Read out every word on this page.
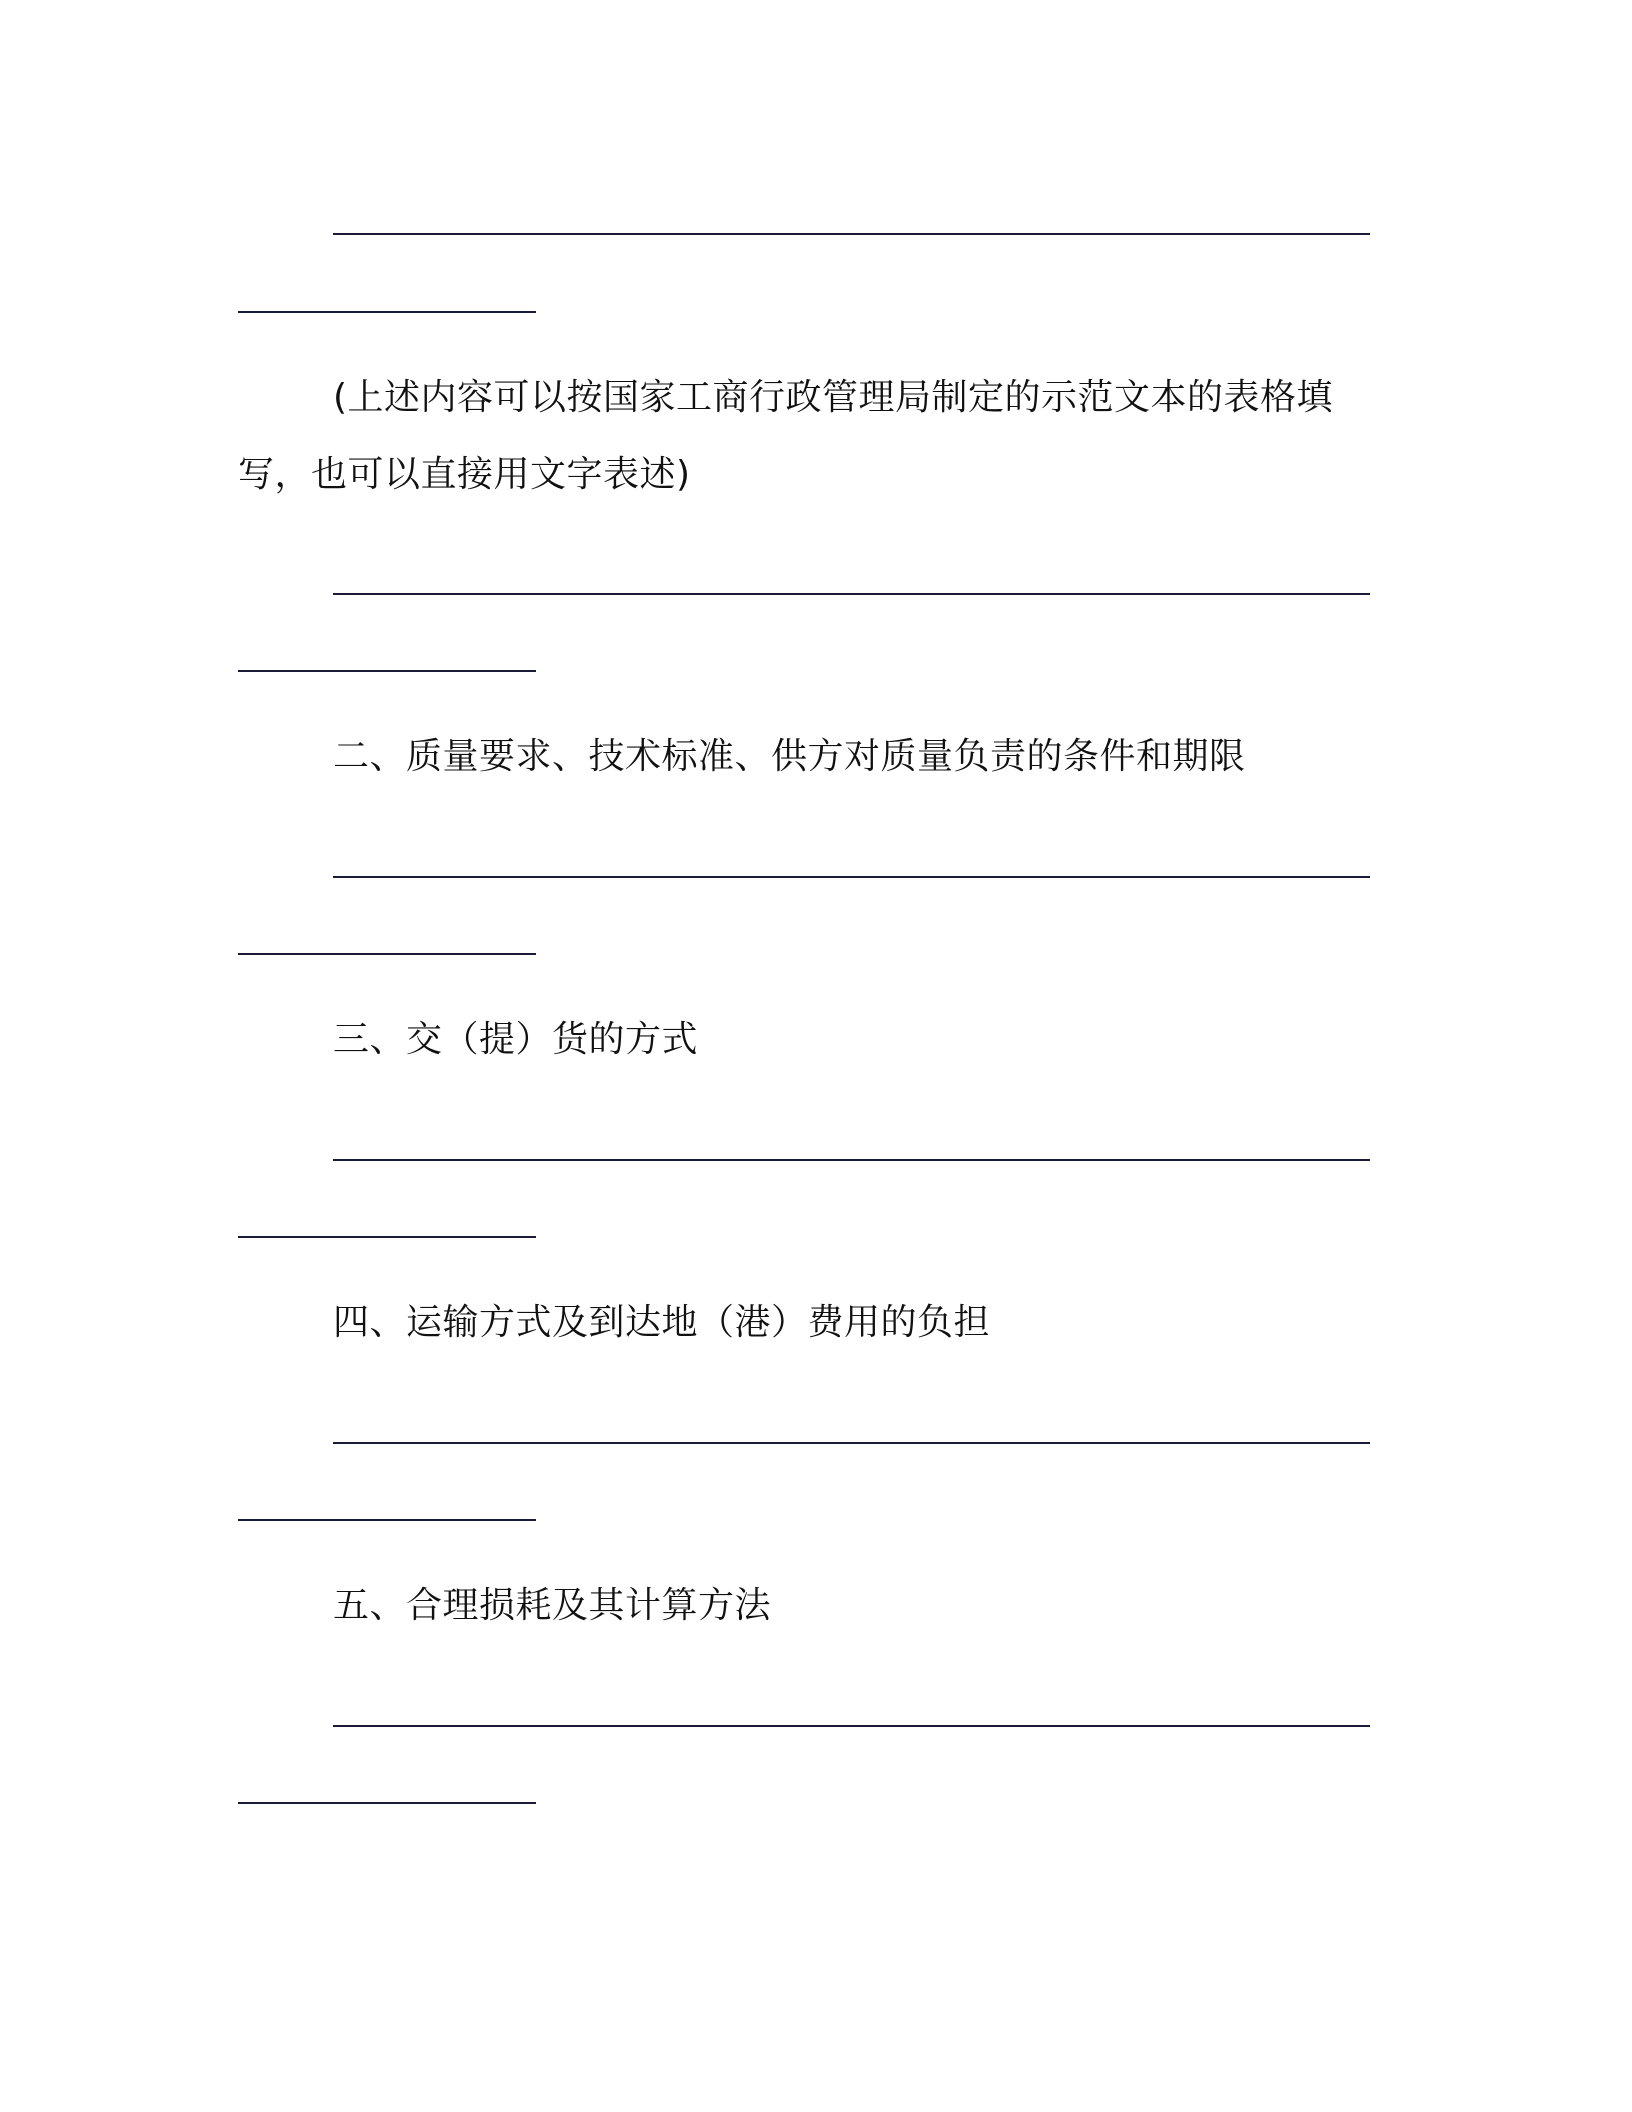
(上述内容可以按国家工商行政管理局制定的示范文本的表格填
写，也可以直接用文字表述)
二、质量要求、技术标准、供方对质量负责的条件和期限
三、交（提）货的方式
四、运输方式及到达地（港）费用的负担
五、合理损耗及其计算方法
